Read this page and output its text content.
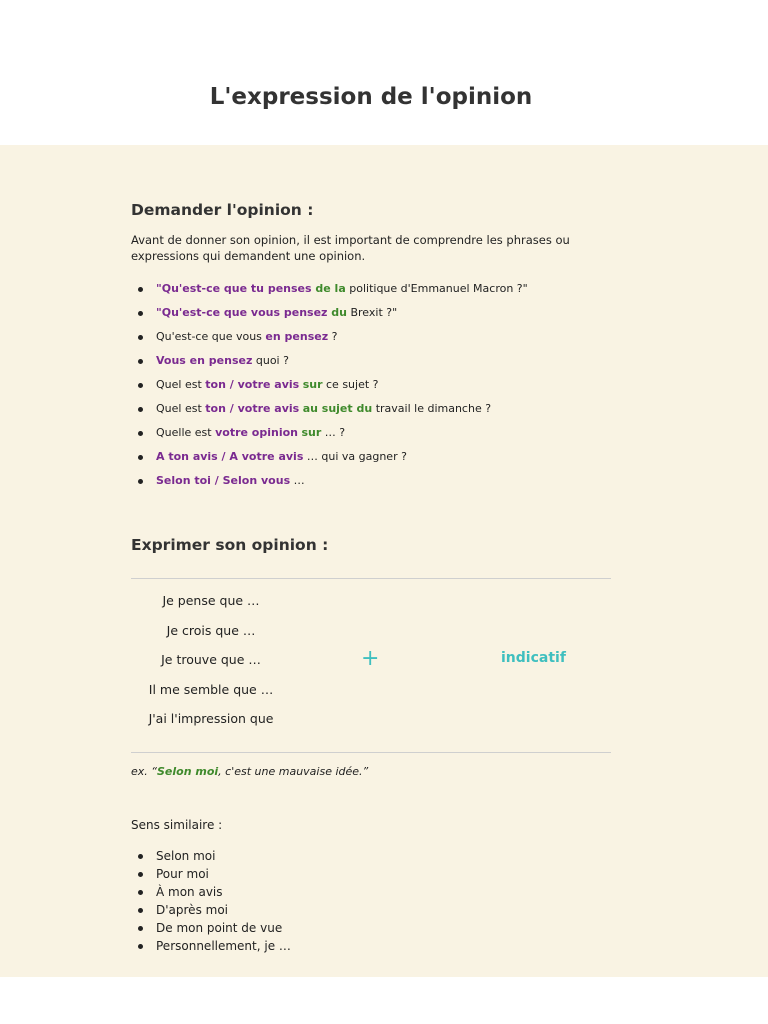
L'expression de l'opinion
Demander l'opinion :

Avant de donner son opinion, il est important de comprendre les phrases ou expressions qui demandent une opinion.

"Qu'est-ce que tu penses de la politique d'Emmanuel Macron ?"
"Qu'est-ce que vous pensez du Brexit ?"
Qu'est-ce que vous en pensez ?
Vous en pensez quoi ?
Quel est ton / votre avis sur ce sujet ?
Quel est ton / votre avis au sujet du travail le dimanche ?
Quelle est votre opinion sur … ?
A ton avis / A votre avis … qui va gagner ?
Selon toi / Selon vous …
Exprimer son opinion :
Je pense que …
Je crois que …
Je trouve que …
Il me semble que …
J'ai l'impression que
+	indicatif

ex. “Selon moi, c'est une mauvaise idée.”

Sens similaire :

Selon moi
Pour moi
À mon avis
D'après moi
De mon point de vue
Personnellement, je …
